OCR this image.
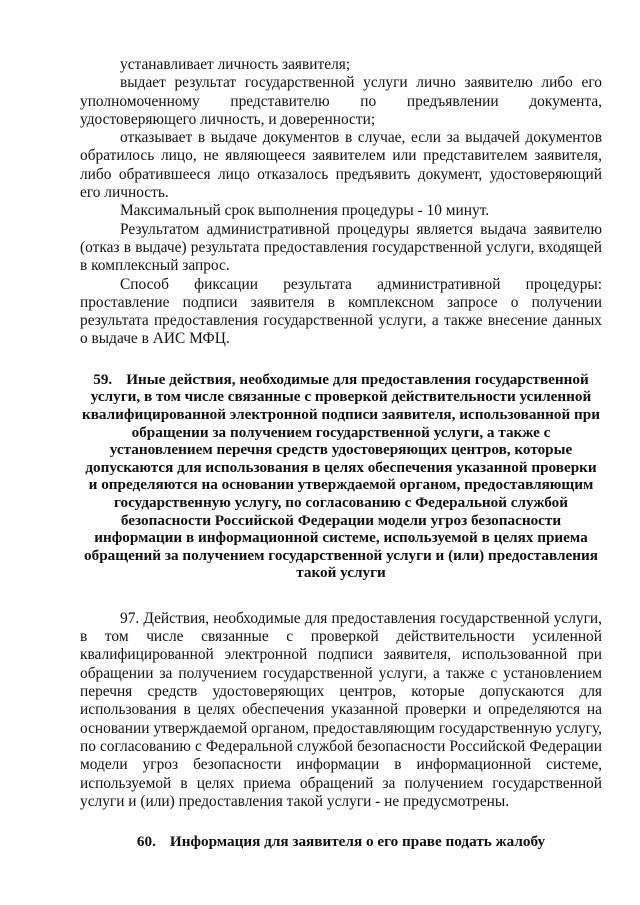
устанавливает личность заявителя;

выдает результат государственной услуги лично заявителю либо его уполномоченному представителю по предъявлении документа, удостоверяющего личность, и доверенности;

отказывает в выдаче документов в случае, если за выдачей документов обратилось лицо, не являющееся заявителем или представителем заявителя, либо обратившееся лицо отказалось предъявить документ, удостоверяющий его личность.

Максимальный срок выполнения процедуры - 10 минут.

Результатом административной процедуры является выдача заявителю (отказ в выдаче) результата предоставления государственной услуги, входящей в комплексный запрос.

Способ фиксации результата административной процедуры: проставление подписи заявителя в комплексном запросе о получении результата предоставления государственной услуги, а также внесение данных о выдаче в АИС МФЦ.

59. Иные действия, необходимые для предоставления государственной услуги, в том числе связанные с проверкой действительности усиленной квалифицированной электронной подписи заявителя, использованной при обращении за получением государственной услуги, а также с установлением перечня средств удостоверяющих центров, которые допускаются для использования в целях обеспечения указанной проверки и определяются на основании утверждаемой органом, предоставляющим государственную услугу, по согласованию с Федеральной службой безопасности Российской Федерации модели угроз безопасности информации в информационной системе, используемой в целях приема обращений за получением государственной услуги и (или) предоставления такой услуги

97. Действия, необходимые для предоставления государственной услуги, в том числе связанные с проверкой действительности усиленной квалифицированной электронной подписи заявителя, использованной при обращении за получением государственной услуги, а также с установлением перечня средств удостоверяющих центров, которые допускаются для использования в целях обеспечения указанной проверки и определяются на основании утверждаемой органом, предоставляющим государственную услугу, по согласованию с Федеральной службой безопасности Российской Федерации модели угроз безопасности информации в информационной системе, используемой в целях приема обращений за получением государственной услуги и (или) предоставления такой услуги - не предусмотрены.

60. Информация для заявителя о его праве подать жалобу
